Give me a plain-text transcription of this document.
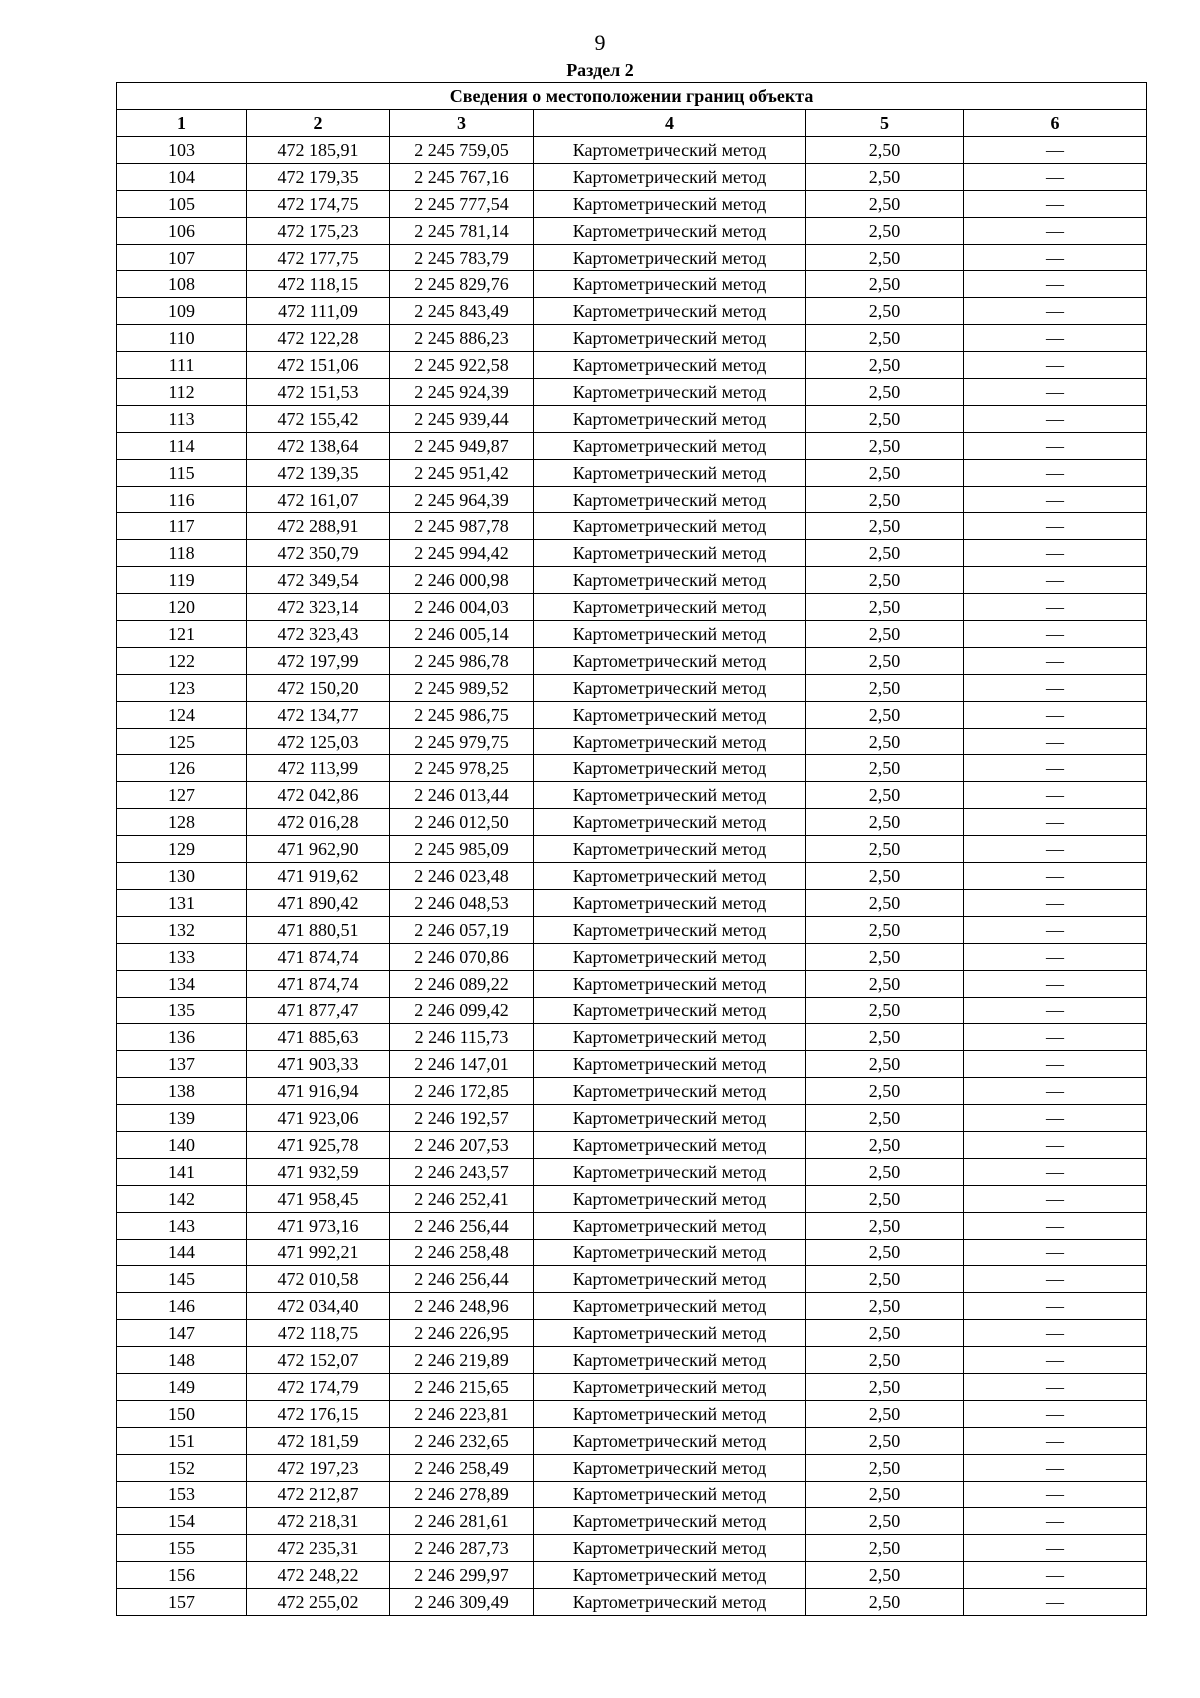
9
Раздел 2
Сведения о местоположении границ объекта					
1	2	3	4	5	6
103	472 185,91	2 245 759,05	Картометрический метод	2,50	—
104	472 179,35	2 245 767,16	Картометрический метод	2,50	—
105	472 174,75	2 245 777,54	Картометрический метод	2,50	—
106	472 175,23	2 245 781,14	Картометрический метод	2,50	—
107	472 177,75	2 245 783,79	Картометрический метод	2,50	—
108	472 118,15	2 245 829,76	Картометрический метод	2,50	—
109	472 111,09	2 245 843,49	Картометрический метод	2,50	—
110	472 122,28	2 245 886,23	Картометрический метод	2,50	—
111	472 151,06	2 245 922,58	Картометрический метод	2,50	—
112	472 151,53	2 245 924,39	Картометрический метод	2,50	—
113	472 155,42	2 245 939,44	Картометрический метод	2,50	—
114	472 138,64	2 245 949,87	Картометрический метод	2,50	—
115	472 139,35	2 245 951,42	Картометрический метод	2,50	—
116	472 161,07	2 245 964,39	Картометрический метод	2,50	—
117	472 288,91	2 245 987,78	Картометрический метод	2,50	—
118	472 350,79	2 245 994,42	Картометрический метод	2,50	—
119	472 349,54	2 246 000,98	Картометрический метод	2,50	—
120	472 323,14	2 246 004,03	Картометрический метод	2,50	—
121	472 323,43	2 246 005,14	Картометрический метод	2,50	—
122	472 197,99	2 245 986,78	Картометрический метод	2,50	—
123	472 150,20	2 245 989,52	Картометрический метод	2,50	—
124	472 134,77	2 245 986,75	Картометрический метод	2,50	—
125	472 125,03	2 245 979,75	Картометрический метод	2,50	—
126	472 113,99	2 245 978,25	Картометрический метод	2,50	—
127	472 042,86	2 246 013,44	Картометрический метод	2,50	—
128	472 016,28	2 246 012,50	Картометрический метод	2,50	—
129	471 962,90	2 245 985,09	Картометрический метод	2,50	—
130	471 919,62	2 246 023,48	Картометрический метод	2,50	—
131	471 890,42	2 246 048,53	Картометрический метод	2,50	—
132	471 880,51	2 246 057,19	Картометрический метод	2,50	—
133	471 874,74	2 246 070,86	Картометрический метод	2,50	—
134	471 874,74	2 246 089,22	Картометрический метод	2,50	—
135	471 877,47	2 246 099,42	Картометрический метод	2,50	—
136	471 885,63	2 246 115,73	Картометрический метод	2,50	—
137	471 903,33	2 246 147,01	Картометрический метод	2,50	—
138	471 916,94	2 246 172,85	Картометрический метод	2,50	—
139	471 923,06	2 246 192,57	Картометрический метод	2,50	—
140	471 925,78	2 246 207,53	Картометрический метод	2,50	—
141	471 932,59	2 246 243,57	Картометрический метод	2,50	—
142	471 958,45	2 246 252,41	Картометрический метод	2,50	—
143	471 973,16	2 246 256,44	Картометрический метод	2,50	—
144	471 992,21	2 246 258,48	Картометрический метод	2,50	—
145	472 010,58	2 246 256,44	Картометрический метод	2,50	—
146	472 034,40	2 246 248,96	Картометрический метод	2,50	—
147	472 118,75	2 246 226,95	Картометрический метод	2,50	—
148	472 152,07	2 246 219,89	Картометрический метод	2,50	—
149	472 174,79	2 246 215,65	Картометрический метод	2,50	—
150	472 176,15	2 246 223,81	Картометрический метод	2,50	—
151	472 181,59	2 246 232,65	Картометрический метод	2,50	—
152	472 197,23	2 246 258,49	Картометрический метод	2,50	—
153	472 212,87	2 246 278,89	Картометрический метод	2,50	—
154	472 218,31	2 246 281,61	Картометрический метод	2,50	—
155	472 235,31	2 246 287,73	Картометрический метод	2,50	—
156	472 248,22	2 246 299,97	Картометрический метод	2,50	—
157	472 255,02	2 246 309,49	Картометрический метод	2,50	—
